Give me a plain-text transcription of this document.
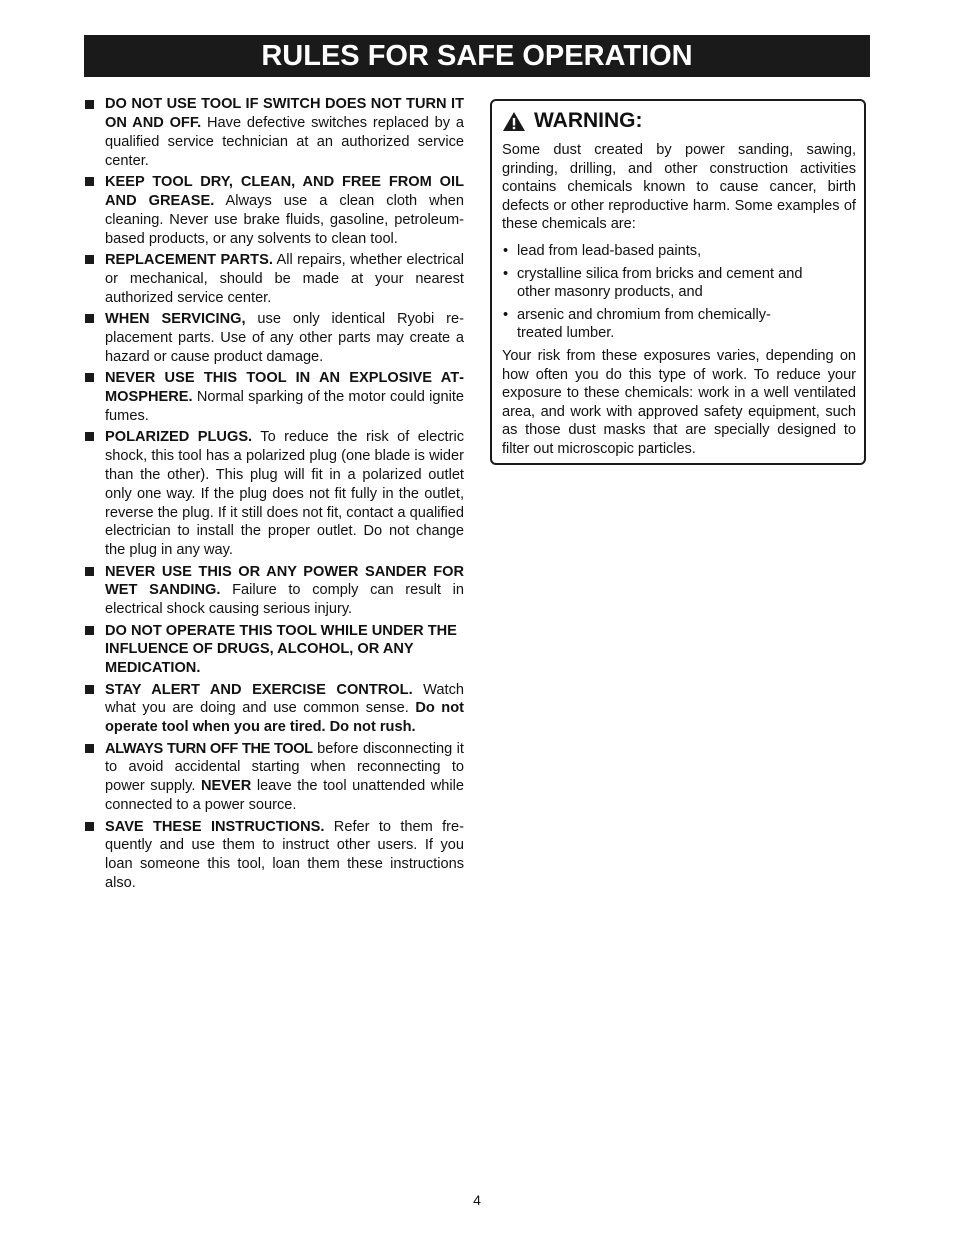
RULES FOR SAFE OPERATION
DO NOT USE TOOL IF SWITCH DOES NOT TURN IT ON AND OFF. Have defective switches replaced by a qualified service technician at an authorized service center.
KEEP TOOL DRY, CLEAN, AND FREE FROM OIL AND GREASE. Always use a clean cloth when cleaning. Never use brake fluids, gasoline, petroleum-based products, or any solvents to clean tool.
REPLACEMENT PARTS. All repairs, whether electrical or mechanical, should be made at your nearest authorized service center.
WHEN SERVICING, use only identical Ryobi replacement parts. Use of any other parts may create a hazard or cause product damage.
NEVER USE THIS TOOL IN AN EXPLOSIVE ATMOSPHERE. Normal sparking of the motor could ignite fumes.
POLARIZED PLUGS. To reduce the risk of electric shock, this tool has a polarized plug (one blade is wider than the other). This plug will fit in a polarized outlet only one way. If the plug does not fit fully in the outlet, reverse the plug. If it still does not fit, contact a qualified electrician to install the proper outlet. Do not change the plug in any way.
NEVER USE THIS OR ANY POWER SANDER FOR WET SANDING. Failure to comply can result in electrical shock causing serious injury.
DO NOT OPERATE THIS TOOL WHILE UNDER THE INFLUENCE OF DRUGS, ALCOHOL, OR ANY MEDICATION.
STAY ALERT AND EXERCISE CONTROL. Watch what you are doing and use common sense. Do not operate tool when you are tired. Do not rush.
ALWAYS TURN OFF THE TOOL before disconnecting it to avoid accidental starting when reconnecting to power supply. NEVER leave the tool unattended while connected to a power source.
SAVE THESE INSTRUCTIONS. Refer to them frequently and use them to instruct other users. If you loan someone this tool, loan them these instructions also.
WARNING:

Some dust created by power sanding, sawing, grinding, drilling, and other construction activities contains chemicals known to cause cancer, birth defects or other reproductive harm. Some examples of these chemicals are:

• lead from lead-based paints,
• crystalline silica from bricks and cement and other masonry products, and
• arsenic and chromium from chemically-treated lumber.

Your risk from these exposures varies, depending on how often you do this type of work. To reduce your exposure to these chemicals: work in a well ventilated area, and work with approved safety equipment, such as those dust masks that are specially designed to filter out microscopic particles.

4
